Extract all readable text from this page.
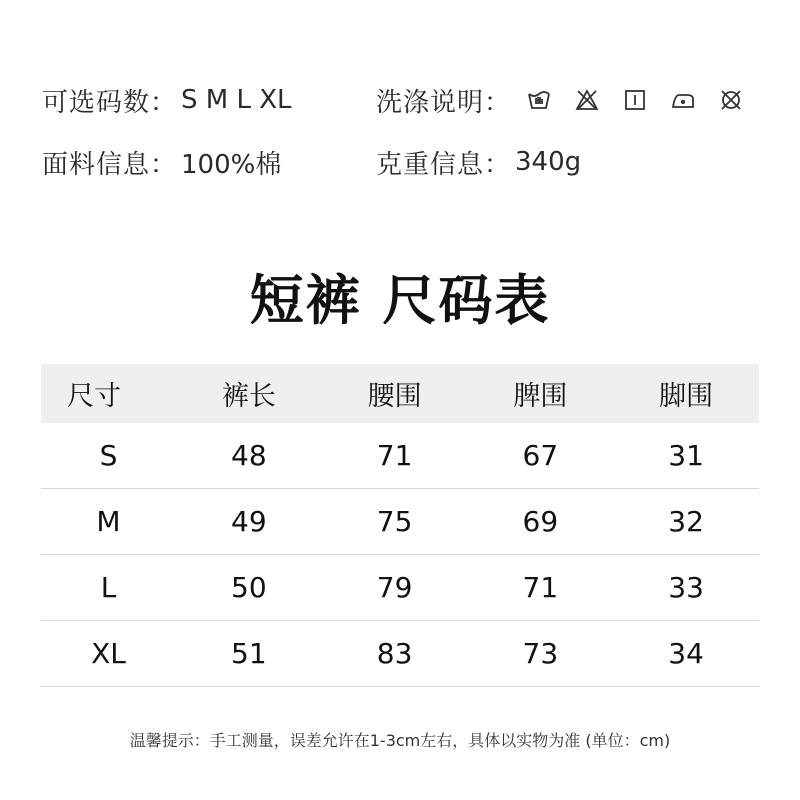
可选码数： S M L XL	洗涤说明：
面料信息： 100%棉	克重信息： 340g
短裤 尺码表
尺寸	裤长	腰围	脾围	脚围
S	48	71	67	31
M	49	75	69	32
L	50	79	71	33
XL	51	83	73	34
温馨提示：手工测量，误差允许在1-3cm左右，具体以实物为准 (单位：cm)
